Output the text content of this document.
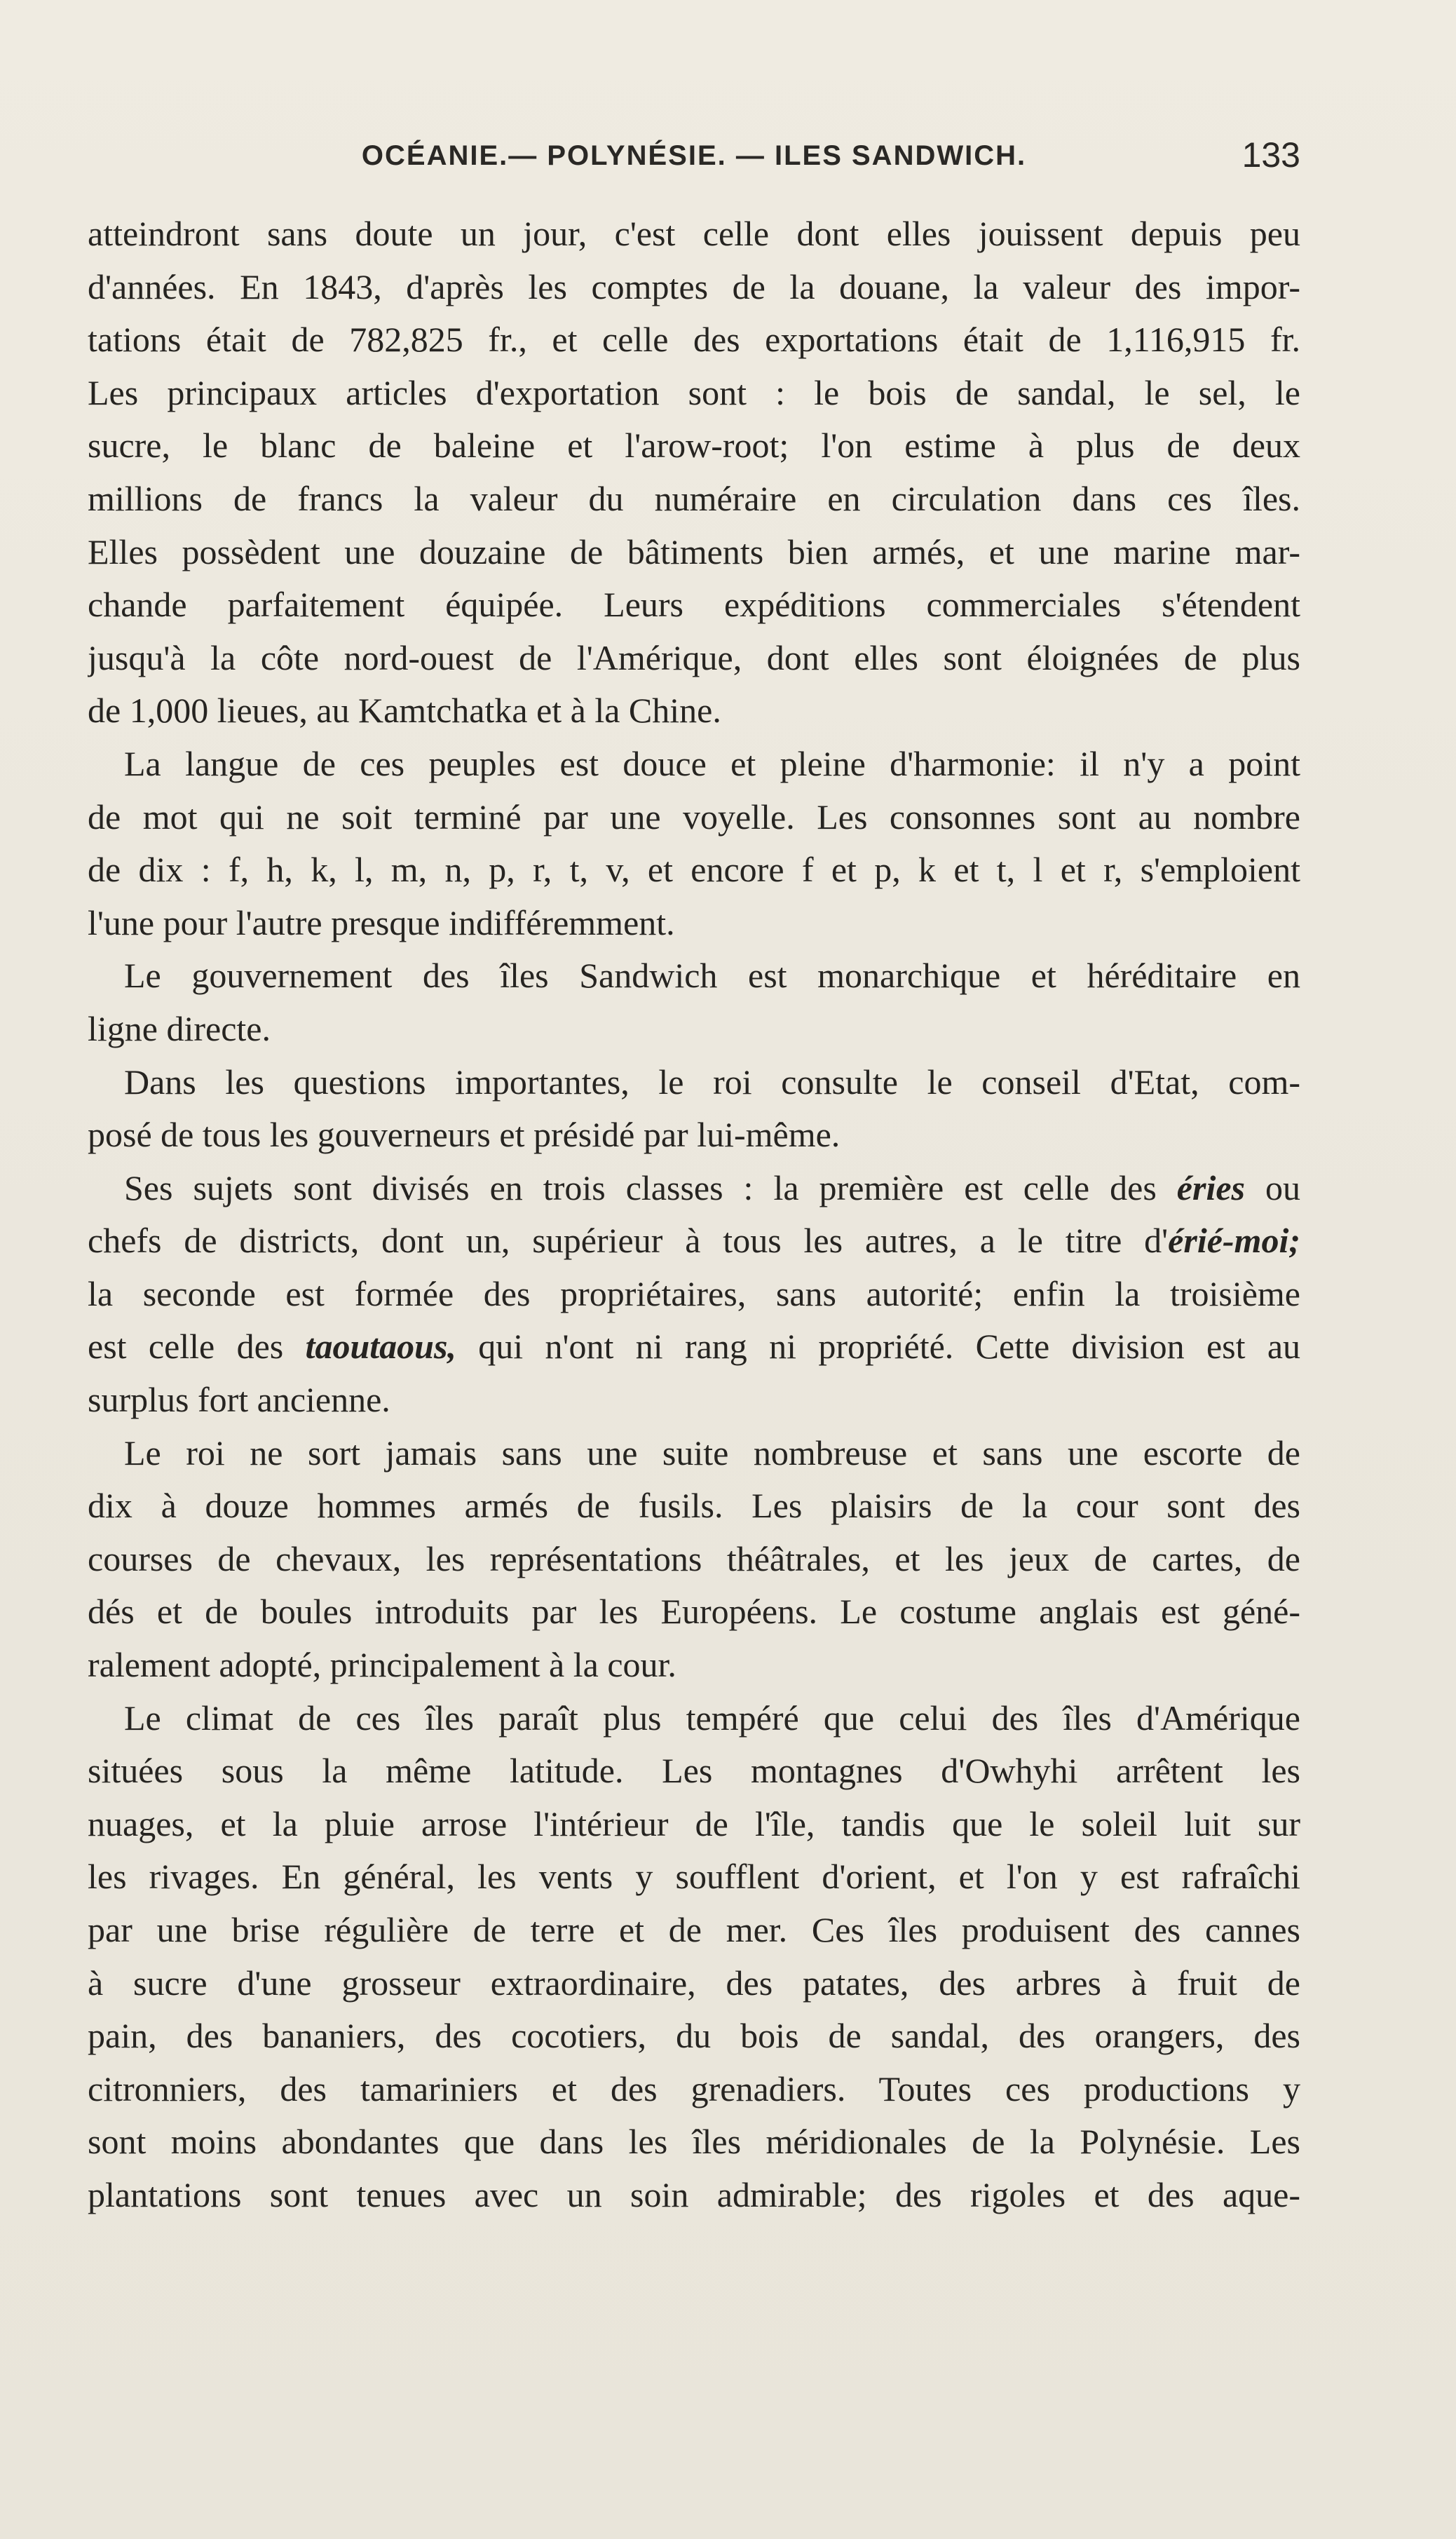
OCÉANIE.— POLYNÉSIE. — ILES SANDWICH.	133
atteindront sans doute un jour, c'est celle dont elles jouissent depuis peu
d'années. En 1843, d'après les comptes de la douane, la valeur des impor-
tations était de 782,825 fr., et celle des exportations était de 1,116,915 fr.
Les principaux articles d'exportation sont : le bois de sandal, le sel, le
sucre, le blanc de baleine et l'arow-root; l'on estime à plus de deux
millions de francs la valeur du numéraire en circulation dans ces îles.
Elles possèdent une douzaine de bâtiments bien armés, et une marine mar-
chande parfaitement équipée. Leurs expéditions commerciales s'étendent
jusqu'à la côte nord-ouest de l'Amérique, dont elles sont éloignées de plus
de 1,000 lieues, au Kamtchatka et à la Chine.
La langue de ces peuples est douce et pleine d'harmonie: il n'y a point
de mot qui ne soit terminé par une voyelle. Les consonnes sont au nombre
de dix : f, h, k, l, m, n, p, r, t, v, et encore f et p, k et t, l et r, s'emploient
l'une pour l'autre presque indifféremment.
Le gouvernement des îles Sandwich est monarchique et héréditaire en
ligne directe.
Dans les questions importantes, le roi consulte le conseil d'Etat, com-
posé de tous les gouverneurs et présidé par lui-même.
Ses sujets sont divisés en trois classes : la première est celle des éries ou
chefs de districts, dont un, supérieur à tous les autres, a le titre d'érié-moi;
la seconde est formée des propriétaires, sans autorité; enfin la troisième
est celle des taoutaous, qui n'ont ni rang ni propriété. Cette division est au
surplus fort ancienne.
Le roi ne sort jamais sans une suite nombreuse et sans une escorte de
dix à douze hommes armés de fusils. Les plaisirs de la cour sont des
courses de chevaux, les représentations théâtrales, et les jeux de cartes, de
dés et de boules introduits par les Européens. Le costume anglais est géné-
ralement adopté, principalement à la cour.
Le climat de ces îles paraît plus tempéré que celui des îles d'Amérique
situées sous la même latitude. Les montagnes d'Owhyhi arrêtent les
nuages, et la pluie arrose l'intérieur de l'île, tandis que le soleil luit sur
les rivages. En général, les vents y soufflent d'orient, et l'on y est rafraîchi
par une brise régulière de terre et de mer. Ces îles produisent des cannes
à sucre d'une grosseur extraordinaire, des patates, des arbres à fruit de
pain, des bananiers, des cocotiers, du bois de sandal, des orangers, des
citronniers, des tamariniers et des grenadiers. Toutes ces productions y
sont moins abondantes que dans les îles méridionales de la Polynésie. Les
plantations sont tenues avec un soin admirable; des rigoles et des aque-
